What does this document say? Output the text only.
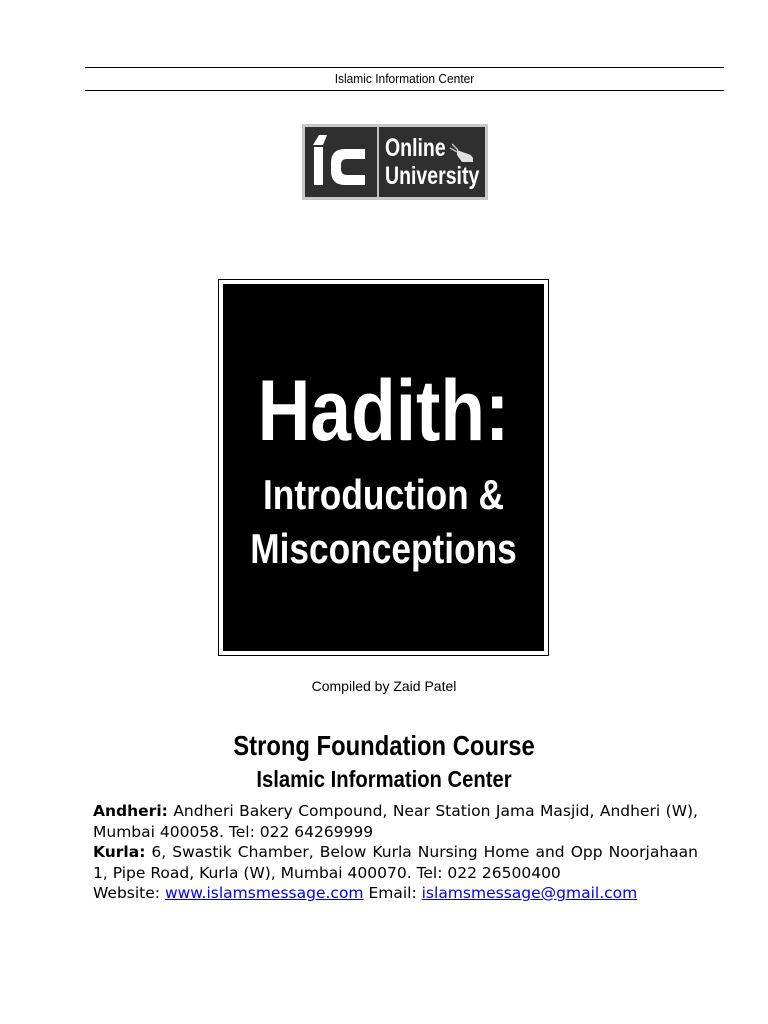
Islamic Information Center
Online
University
Hadith:
Introduction &
Misconceptions
Compiled by Zaid Patel
Strong Foundation Course
Islamic Information Center

Andheri: Andheri Bakery Compound, Near Station Jama Masjid, Andheri (W), Mumbai 400058. Tel: 022 64269999

Kurla: 6, Swastik Chamber, Below Kurla Nursing Home and Opp Noorjahaan 1, Pipe Road, Kurla (W), Mumbai 400070. Tel: 022 26500400

Website: www.islamsmessage.com Email: islamsmessage@gmail.com
